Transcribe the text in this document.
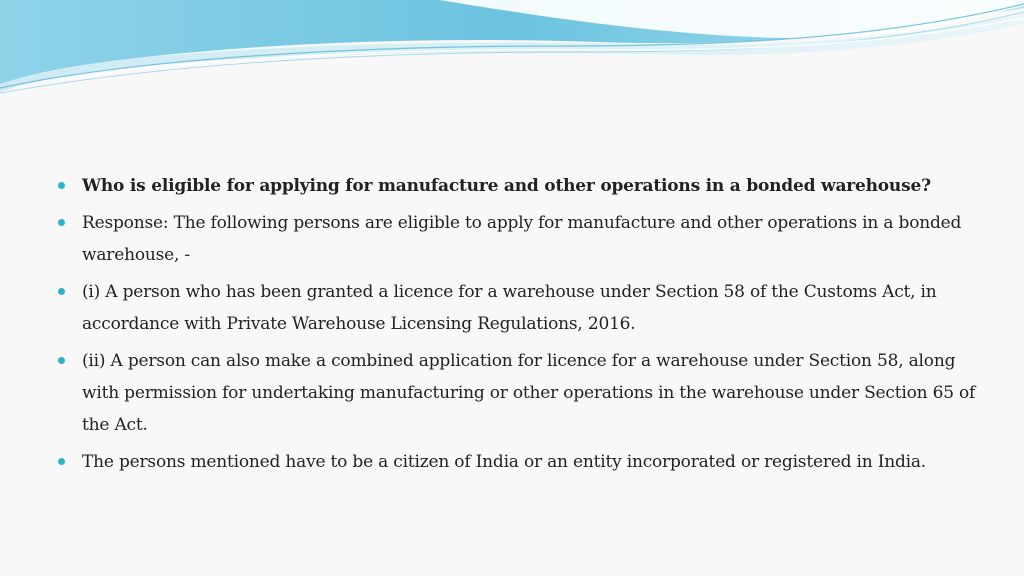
Who is eligible for applying for manufacture and other operations in a bonded warehouse?
Response: The following persons are eligible to apply for manufacture and other operations in a bonded warehouse, -
(i) A person who has been granted a licence for a warehouse under Section 58 of the Customs Act, in accordance with Private Warehouse Licensing Regulations, 2016.
(ii) A person can also make a combined application for licence for a warehouse under Section 58, along with permission for undertaking manufacturing or other operations in the warehouse under Section 65 of the Act.
The persons mentioned have to be a citizen of India or an entity incorporated or registered in India.
